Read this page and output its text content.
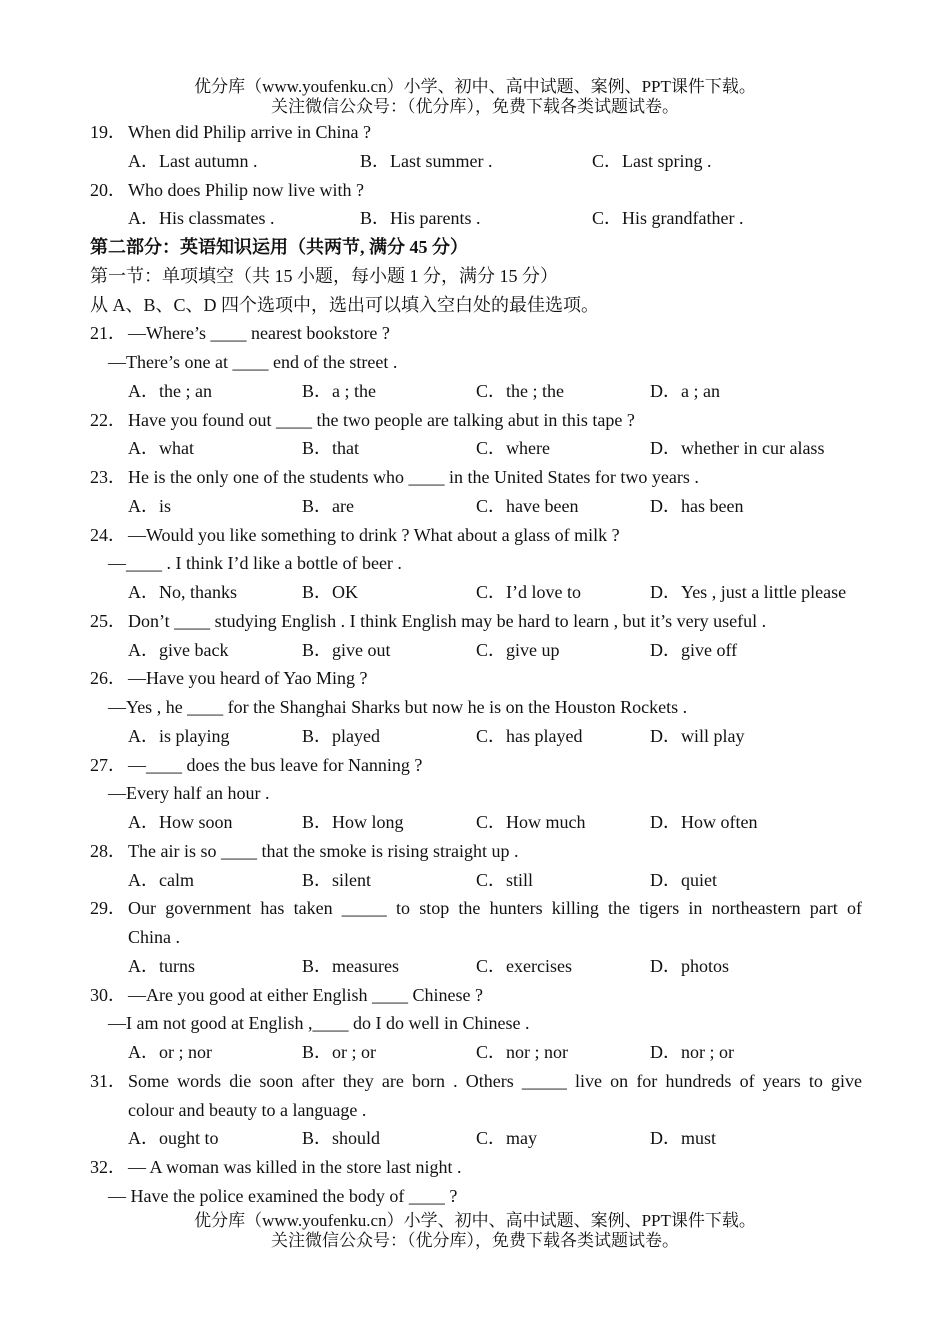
优分库（www.youfenku.cn）小学、初中、高中试题、案例、PPT课件下载。
关注微信公众号：（优分库），免费下载各类试题试卷。
19． When did Philip arrive in China ?
A．Last autumn .	B．Last summer .	C．Last spring .
20． Who does Philip now live with ?
A．His classmates .	B．His parents .	C．His grandfather .
第二部分：英语知识运用（共两节, 满分 45 分）
第一节：单项填空（共 15 小题，每小题 1 分，满分 15 分）
从 A、B、C、D 四个选项中，选出可以填入空白处的最佳选项。
21． —Where’s ____ nearest bookstore ?
—There’s one at ____ end of the street .
A．the ; an	B．a ; the	C．the ; the	D．a ; an
22． Have you found out ____ the two people are talking abut in this tape ?
A．what	B．that	C．where	D．whether in cur alass
23． He is the only one of the students who ____ in the United States for two years .
A．is	B．are	C．have been	D．has been
24． —Would you like something to drink ? What about a glass of milk ?
—____ . I think I’d like a bottle of beer .
A．No, thanks	B．OK	C．I’d love to	D．Yes , just a little please
25． Don’t ____ studying English . I think English may be hard to learn , but it’s very useful .
A．give back	B．give out	C．give up	D．give off
26． —Have you heard of Yao Ming ?
—Yes , he ____ for the Shanghai Sharks but now he is on the Houston Rockets .
A．is playing	B．played	C．has played	D．will play
27． —____ does the bus leave for Nanning ?
—Every half an hour .
A．How soon	B．How long	C．How much	D．How often
28． The air is so ____ that the smoke is rising straight up .
A．calm	B．silent	C．still	D．quiet
29． Our government has taken _____ to stop the hunters killing the tigers in northeastern part of
China .
A．turns	B．measures	C．exercises	D．photos
30． —Are you good at either English ____ Chinese ?
—I am not good at English ,____ do I do well in Chinese .
A．or ; nor	B．or ; or	C．nor ; nor	D．nor ; or
31． Some words die soon after they are born . Others _____ live on for hundreds of years to give
colour and beauty to a language .
A．ought to	B．should	C．may	D．must
32． — A woman was killed in the store last night .
— Have the police examined the body of ____ ?
优分库（www.youfenku.cn）小学、初中、高中试题、案例、PPT课件下载。
关注微信公众号：（优分库），免费下载各类试题试卷。
